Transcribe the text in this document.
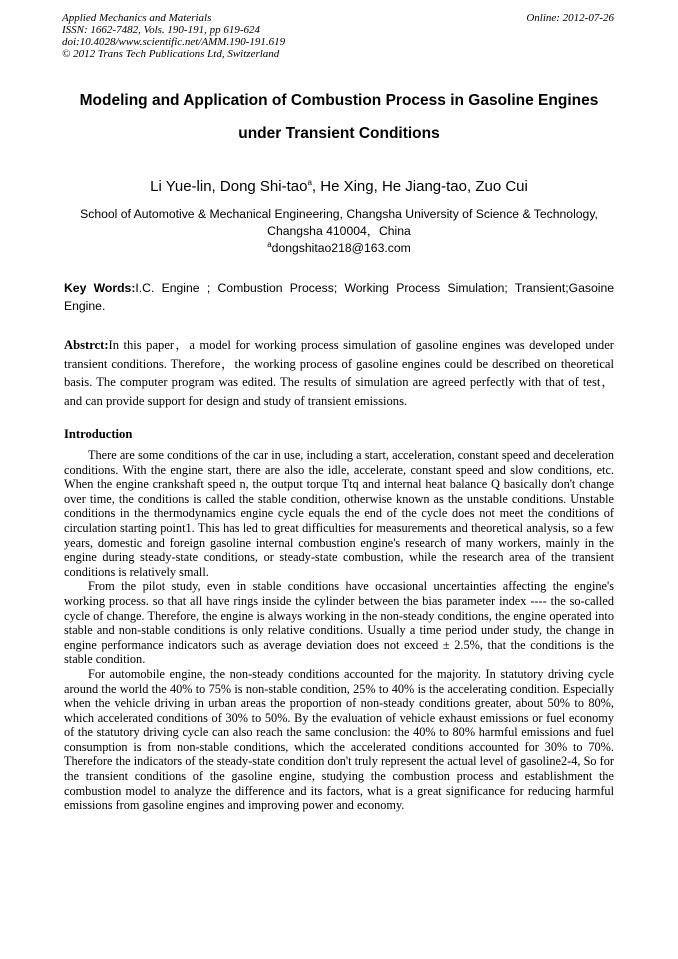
Applied Mechanics and Materials
ISSN: 1662-7482, Vols. 190-191, pp 619-624
doi:10.4028/www.scientific.net/AMM.190-191.619
© 2012 Trans Tech Publications Ltd, Switzerland
Online: 2012-07-26
Modeling and Application of Combustion Process in Gasoline Engines
under Transient Conditions
Li Yue-lin, Dong Shi-tao$^a$, He Xing, He Jiang-tao, Zuo Cui
School of Automotive & Mechanical Engineering, Changsha University of Science & Technology,
Changsha 410004，China
$^a$dongshitao218@163.com
Key Words:I.C. Engine ; Combustion Process; Working Process Simulation; Transient;Gasoine Engine.
Abstrct:In this paper，a model for working process simulation of gasoline engines was developed under transient conditions. Therefore，the working process of gasoline engines could be described on theoretical basis. The computer program was edited. The results of simulation are agreed perfectly with that of test，and can provide support for design and study of transient emissions.
Introduction

There are some conditions of the car in use, including a start, acceleration, constant speed and deceleration conditions. With the engine start, there are also the idle, accelerate, constant speed and slow conditions, etc. When the engine crankshaft speed n, the output torque Ttq and internal heat balance Q basically don't change over time, the conditions is called the stable condition, otherwise known as the unstable conditions. Unstable conditions in the thermodynamics engine cycle equals the end of the cycle does not meet the conditions of circulation starting point1. This has led to great difficulties for measurements and theoretical analysis, so a few years, domestic and foreign gasoline internal combustion engine's research of many workers, mainly in the engine during steady-state conditions, or steady-state combustion, while the research area of the transient conditions is relatively small.

From the pilot study, even in stable conditions have occasional uncertainties affecting the engine's working process. so that all have rings inside the cylinder between the bias parameter index ---- the so-called cycle of change. Therefore, the engine is always working in the non-steady conditions, the engine operated into stable and non-stable conditions is only relative conditions. Usually a time period under study, the change in engine performance indicators such as average deviation does not exceed ± 2.5%, that the conditions is the stable condition.

For automobile engine, the non-steady conditions accounted for the majority. In statutory driving cycle around the world the 40% to 75% is non-stable condition, 25% to 40% is the accelerating condition. Especially when the vehicle driving in urban areas the proportion of non-steady conditions greater, about 50% to 80%, which accelerated conditions of 30% to 50%. By the evaluation of vehicle exhaust emissions or fuel economy of the statutory driving cycle can also reach the same conclusion: the 40% to 80% harmful emissions and fuel consumption is from non-stable conditions, which the accelerated conditions accounted for 30% to 70%. Therefore the indicators of the steady-state condition don't truly represent the actual level of gasoline2-4, So for the transient conditions of the gasoline engine, studying the combustion process and establishment the combustion model to analyze the difference and its factors, what is a great significance for reducing harmful emissions from gasoline engines and improving power and economy.
